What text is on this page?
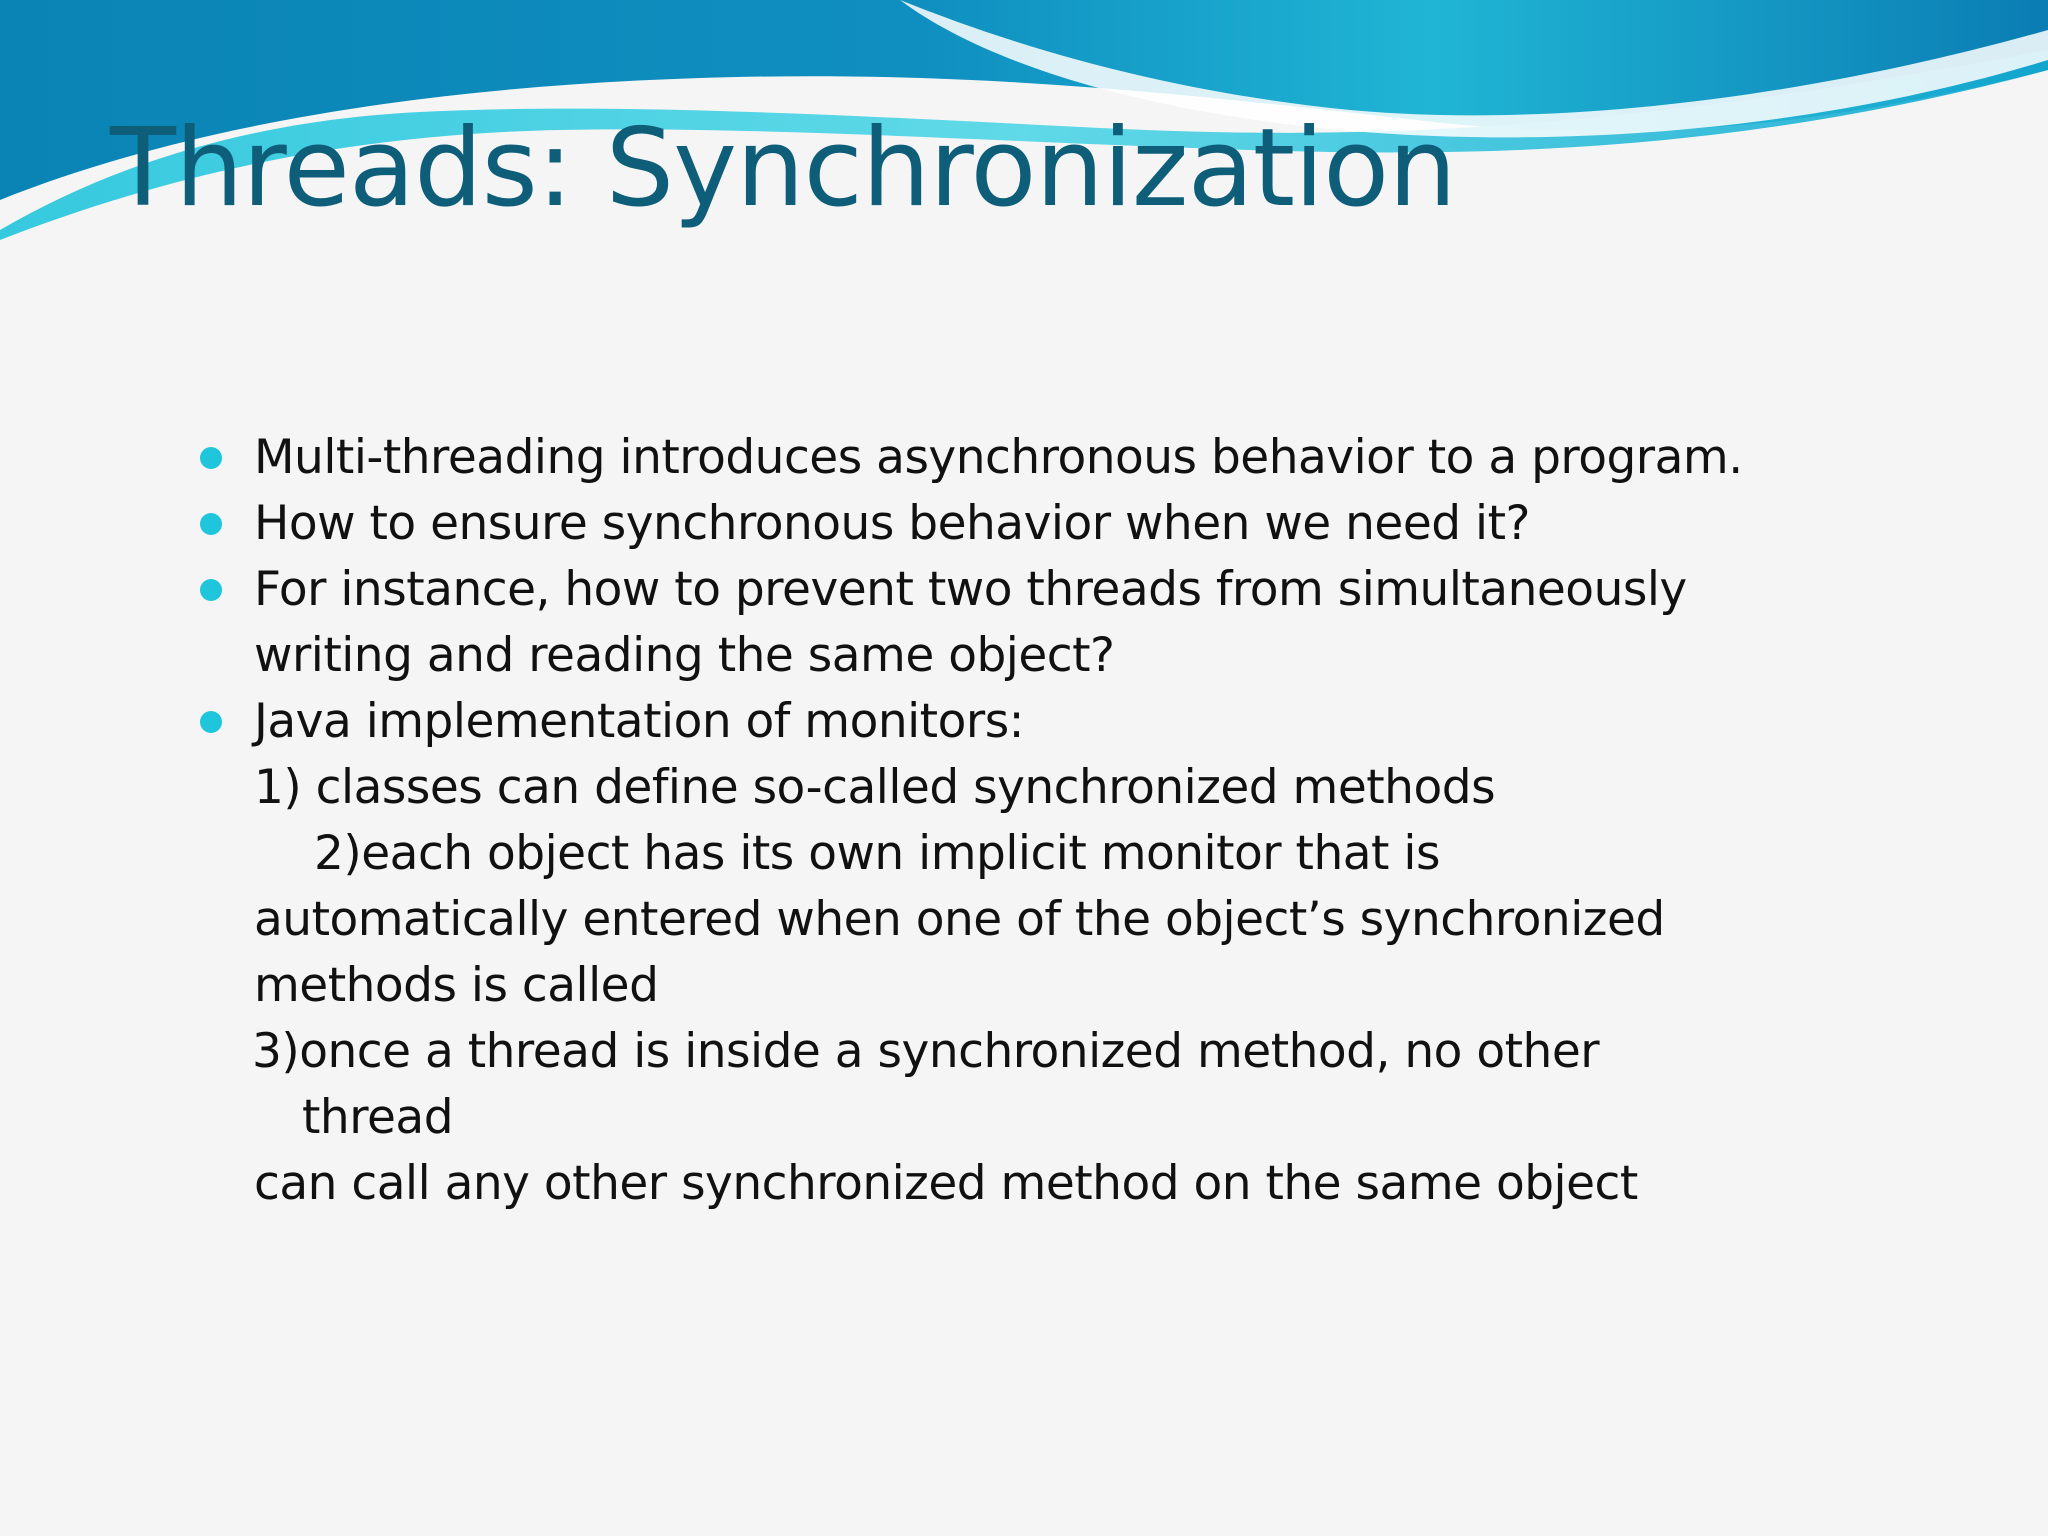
Threads: Synchronization
Multi-threading introduces asynchronous behavior to a program.
How to ensure synchronous behavior when we need it?
For instance, how to prevent two threads from simultaneously
writing and reading the same object?
Java implementation of monitors:
1) classes can define so-called synchronized methods
2)each object has its own implicit monitor that is
automatically entered when one of the object’s synchronized
methods is called
3)once a thread is inside a synchronized method, no other
thread
can call any other synchronized method on the same object
